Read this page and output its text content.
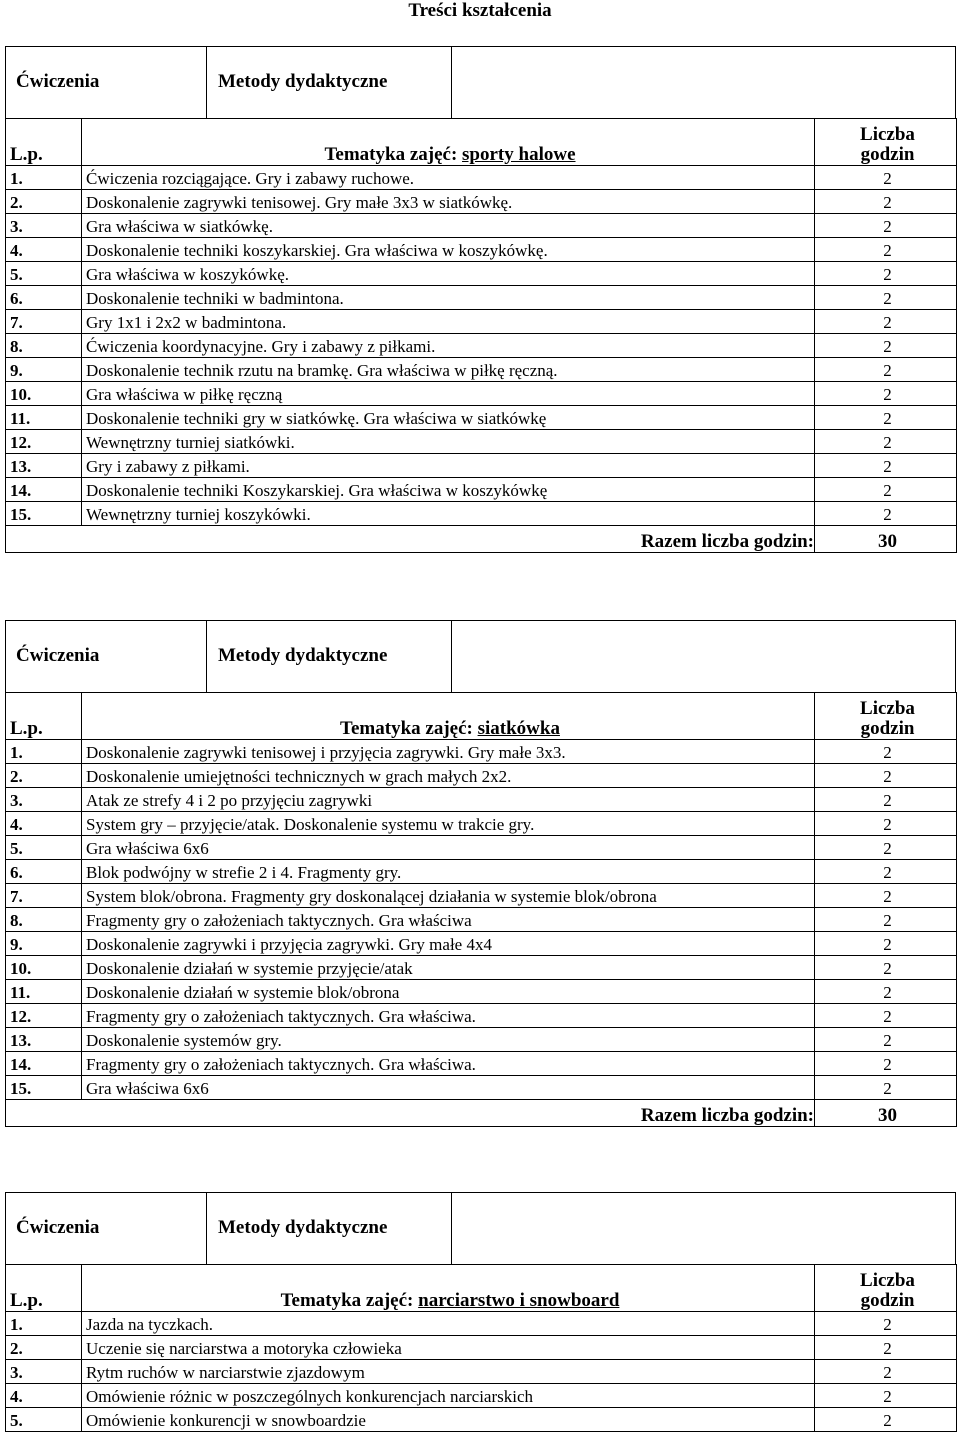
Treści kształcenia
Ćwiczenia	Metody dydaktyczne
L.p.	Tematyka zajęć: sporty halowe	Liczba
godzin
1.	Ćwiczenia rozciągające. Gry i zabawy ruchowe.	2
2.	Doskonalenie zagrywki tenisowej. Gry małe 3x3 w siatkówkę.	2
3.	Gra właściwa w siatkówkę.	2
4.	Doskonalenie techniki koszykarskiej. Gra właściwa w koszykówkę.	2
5.	Gra właściwa w koszykówkę.	2
6.	Doskonalenie techniki w badmintona.	2
7.	Gry 1x1 i 2x2 w badmintona.	2
8.	Ćwiczenia koordynacyjne. Gry i zabawy z piłkami.	2
9.	Doskonalenie technik rzutu na bramkę. Gra właściwa w piłkę ręczną.	2
10.	Gra właściwa w piłkę ręczną	2
11.	Doskonalenie techniki gry w siatkówkę. Gra właściwa w siatkówkę	2
12.	Wewnętrzny turniej siatkówki.	2
13.	Gry i zabawy z piłkami.	2
14.	Doskonalenie techniki Koszykarskiej. Gra właściwa w koszykówkę	2
15.	Wewnętrzny turniej koszykówki.	2
Razem liczba godzin:		30
Ćwiczenia	Metody dydaktyczne
L.p.	Tematyka zajęć: siatkówka	Liczba
godzin
1.	Doskonalenie zagrywki tenisowej i przyjęcia zagrywki. Gry małe 3x3.	2
2.	Doskonalenie umiejętności technicznych w grach małych 2x2.	2
3.	Atak ze strefy 4 i 2 po przyjęciu zagrywki	2
4.	System gry – przyjęcie/atak. Doskonalenie systemu w trakcie gry.	2
5.	Gra właściwa 6x6	2
6.	Blok podwójny w strefie 2 i 4. Fragmenty gry.	2
7.	System blok/obrona. Fragmenty gry doskonalącej działania w systemie blok/obrona	2
8.	Fragmenty gry o założeniach taktycznych. Gra właściwa	2
9.	Doskonalenie zagrywki i przyjęcia zagrywki. Gry małe 4x4	2
10.	Doskonalenie działań w systemie przyjęcie/atak	2
11.	Doskonalenie działań w systemie blok/obrona	2
12.	Fragmenty gry o założeniach taktycznych. Gra właściwa.	2
13.	Doskonalenie systemów gry.	2
14.	Fragmenty gry o założeniach taktycznych. Gra właściwa.	2
15.	Gra właściwa 6x6	2
Razem liczba godzin:		30
Ćwiczenia	Metody dydaktyczne
L.p.	Tematyka zajęć: narciarstwo i snowboard	Liczba
godzin
1.	Jazda na tyczkach.	2
2.	Uczenie się narciarstwa a motoryka człowieka	2
3.	Rytm ruchów w narciarstwie zjazdowym	2
4.	Omówienie różnic w poszczególnych konkurencjach narciarskich	2
5.	Omówienie konkurencji w snowboardzie	2
